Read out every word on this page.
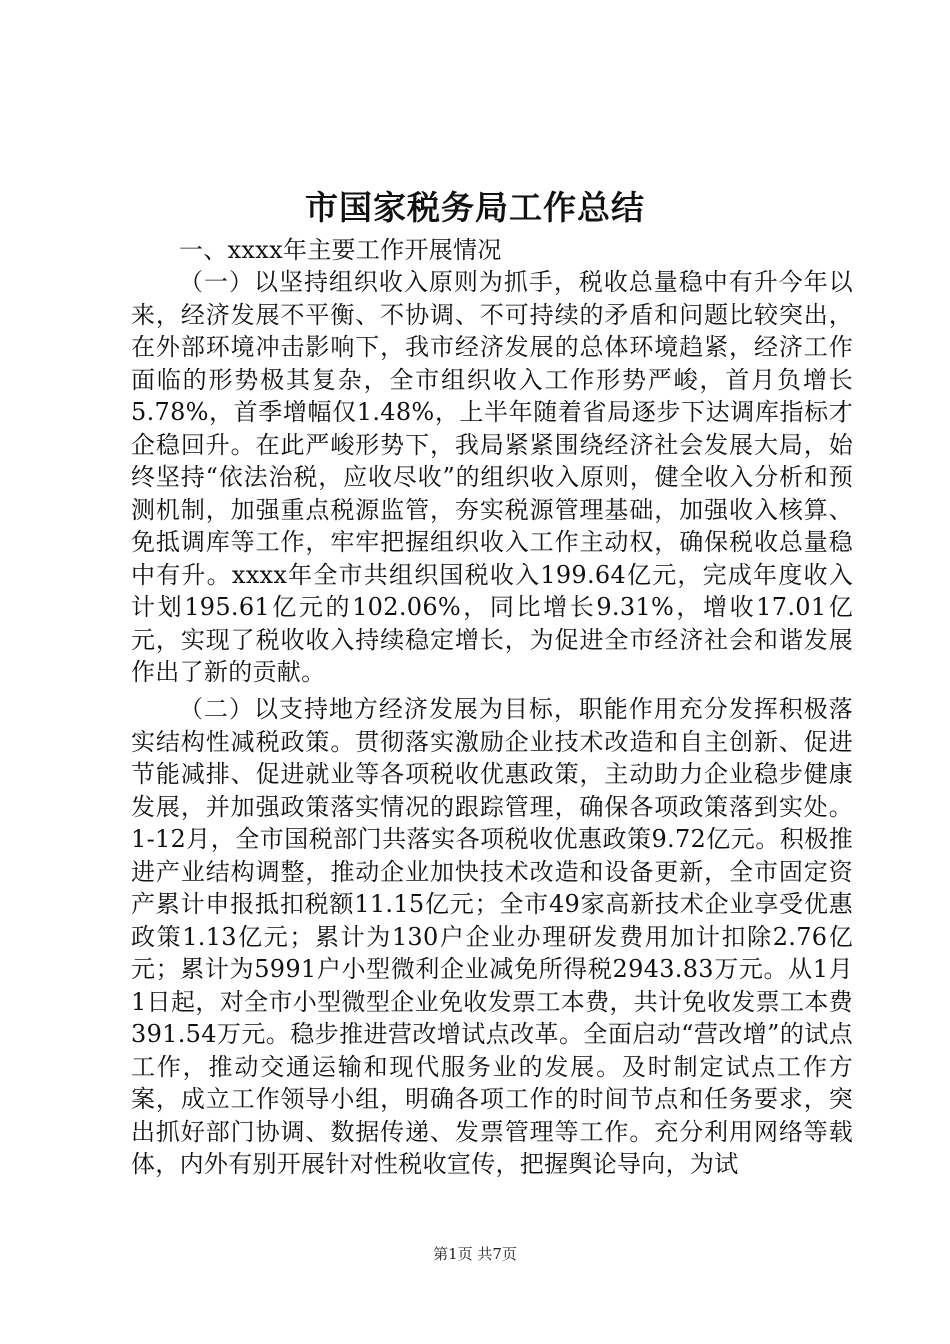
市国家税务局工作总结
一、xxxx年主要工作开展情况
（一）以坚持组织收入原则为抓手，税收总量稳中有升今年以来，经济发展不平衡、不协调、不可持续的矛盾和问题比较突出，在外部环境冲击影响下，我市经济发展的总体环境趋紧，经济工作面临的形势极其复杂，全市组织收入工作形势严峻，首月负增长5.78%，首季增幅仅1.48%，上半年随着省局逐步下达调库指标才企稳回升。在此严峻形势下，我局紧紧围绕经济社会发展大局，始终坚持“依法治税，应收尽收”的组织收入原则，健全收入分析和预测机制，加强重点税源监管，夯实税源管理基础，加强收入核算、免抵调库等工作，牢牢把握组织收入工作主动权，确保税收总量稳中有升。xxxx年全市共组织国税收入199.64亿元，完成年度收入计划195.61亿元的102.06%，同比增长9.31%，增收17.01亿元，实现了税收收入持续稳定增长，为促进全市经济社会和谐发展作出了新的贡献。
（二）以支持地方经济发展为目标，职能作用充分发挥积极落实结构性减税政策。贯彻落实激励企业技术改造和自主创新、促进节能减排、促进就业等各项税收优惠政策，主动助力企业稳步健康发展，并加强政策落实情况的跟踪管理，确保各项政策落到实处。1-12月，全市国税部门共落实各项税收优惠政策9.72亿元。积极推进产业结构调整，推动企业加快技术改造和设备更新，全市固定资产累计申报抵扣税额11.15亿元；全市49家高新技术企业享受优惠政策1.13亿元；累计为130户企业办理研发费用加计扣除2.76亿元；累计为5991户小型微利企业减免所得税2943.83万元。从1月1日起，对全市小型微型企业免收发票工本费，共计免收发票工本费391.54万元。稳步推进营改增试点改革。全面启动“营改增”的试点工作，推动交通运输和现代服务业的发展。及时制定试点工作方案，成立工作领导小组，明确各项工作的时间节点和任务要求，突出抓好部门协调、数据传递、发票管理等工作。充分利用网络等载体，内外有别开展针对性税收宣传，把握舆论导向，为试
第1页 共7页
